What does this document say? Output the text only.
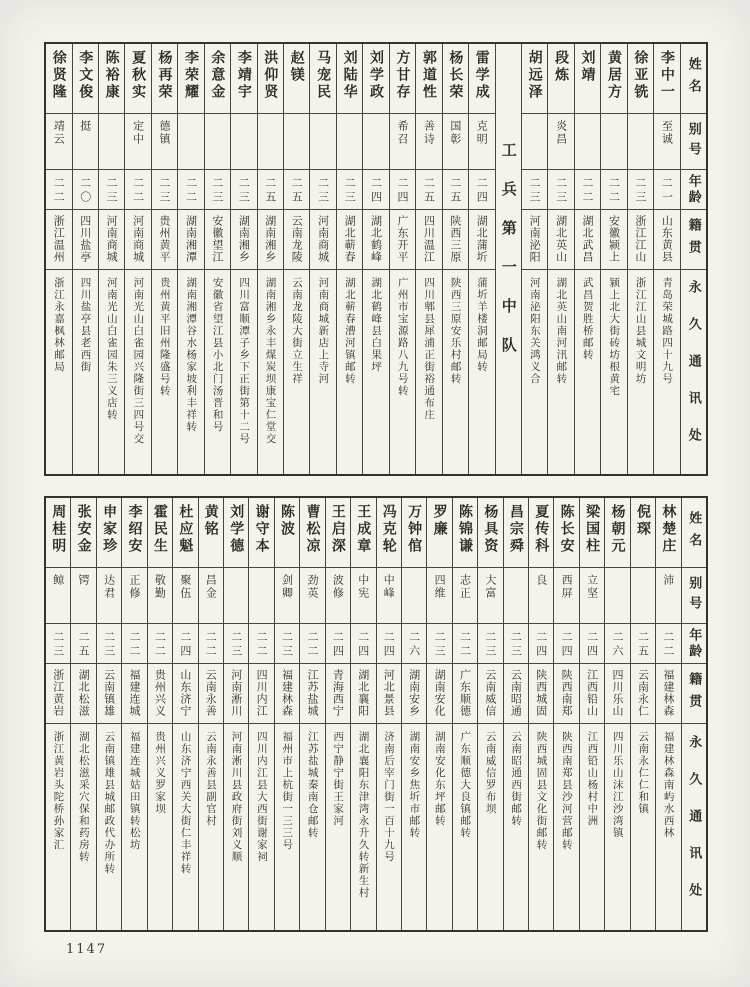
姓名
别号
年龄
籍贯
永久通讯处
李中一
至诚
二一
山东黄县
青岛荣城路四十九号
徐亚铣
二三
浙江江山
浙江江山县城文明坊
黄居方
二二
安徽颍上
颍上北大街砖坊根黄宅
刘靖
二二
湖北武昌
武昌贺胜桥邮转
段炼
炎昌
二三
湖北英山
湖北英山南河汛邮转
胡远泽
二三
河南泌阳
河南泌阳东关鸿义合
工兵第一中队
雷学成
克明
二四
湖北蒲圻
蒲圻羊楼洞邮局转
杨长荣
国彰
二五
陕西三原
陕西三原安乐村邮转
郭道性
善诗
二五
四川温江
四川郫县犀浦正街裕通布庄
方甘存
希召
二四
广东开平
广州市宝源路八九号转
刘学政
二四
湖北鹤峰
湖北鹤峰县白果坪
刘陆华
二三
湖北蕲春
湖北蕲春漕河镇邮转
马宠民
二三
河南商城
河南商城新店上寺河
赵镁
二五
云南龙陵
云南龙陵大街立生祥
洪仰贤
二五
湖南湘乡
湖南湘乡永丰煤炭坝康宝仁堂交
李靖宇
二三
湖南湘乡
四川富顺潭子乡下正街第十二号
余意金
二三
安徽望江
安徽省望江县小北门汤晋和号
李荣耀
二二
湖南湘潭
湖南湘潭谷水杨家坡利丰祥转
杨再荣
德镇
二三
贵州黄平
贵州黄平旧州隆盛号转
夏秋实
定中
二二
河南商城
河南光山白雀园兴隆街三四号交
陈裕康
二三
河南商城
河南光山白雀园朱三义店转
李文俊
挺
二〇
四川盐亭
四川盐亭县老西街
徐贤隆
靖云
二二
浙江温州
浙江永嘉枫林邮局
姓名
别号
年龄
籍贯
永久通讯处
林楚庄
沛
二二
福建林森
福建林森南屿水西林
倪琛
二五
云南永仁
云南永仁仁和镇
杨朝元
二六
四川乐山
四川乐山沫江沙湾镇
梁国柱
立坚
二四
江西铅山
江西铅山杨村中洲
陈长安
西屏
二四
陕西南郑
陕西南郑县沙河营邮转
夏传科
良
二四
陕西城固
陕西城固县文化街邮转
昌宗舜
二三
云南昭通
云南昭通西街邮转
杨具资
大富
二三
云南威信
云南威信罗布坝
陈锦谦
志正
二二
广东顺德
广东顺德大良镇邮转
罗廉
四维
二三
湖南安化
湖南安化东坪邮转
万钟倌
二六
湖南安乡
湖南安乡焦圻市邮转
冯克轮
中峰
二四
河北景县
济南后宰门街一百十九号
王成章
中宪
二四
湖北襄阳
湖北襄阳东津湾永升久转新生村
王启深
波修
二四
青海西宁
西宁静宁街王家河
曹松凉
劲英
二二
江苏盐城
江苏盐城秦南仓邮转
陈波
剑卿
二三
福建林森
福州市上杭街一三三号
谢守本
二二
四川内江
四川内江县大西街谢家祠
刘学德
二三
河南淅川
河南淅川县政府街刘义顺
黄铭
昌金
二二
云南永善
云南永善县副官村
杜应魁
聚伍
二四
山东济宁
山东济宁西关大街仁丰祥转
霍民生
敬勤
二二
贵州兴义
贵州兴义罗家坝
李绍安
正修
二二
福建连城
福建连城姑田镇转松坊
申家珍
达君
二三
云南镇雄
云南镇雄县城邮政代办所转
张安金
锷
二五
湖北松滋
湖北松滋采穴保和药房转
周桂明
鲸
二三
浙江黄岩
浙江黄岩头陀桥孙家汇
1147
